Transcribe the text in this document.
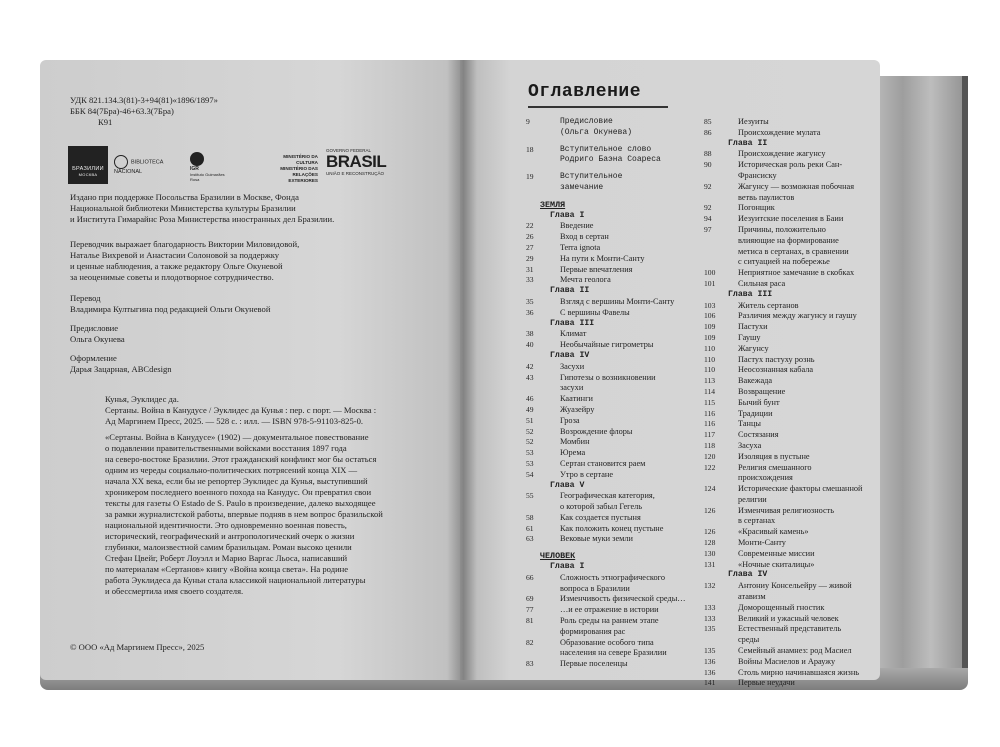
УДК 821.134.3(81)-3+94(81)«1896/1897»
ББК 84(7Бра)-46+63.3(7Бра)
К91
БРАЗИЛИИ
МОСКВА
BIBLIOTECA NACIONAL	IGR
Instituto Guimarães Rosa
MINISTÉRIO DA
CULTURA
MINISTÉRIO DAS
RELAÇÕES
EXTERIORES
GOVERNO FEDERAL
BRASIL
UNIÃO E RECONSTRUÇÃO
Издано при поддержке Посольства Бразилии в Москве, Фонда
Национальной библиотеки Министерства культуры Бразилии
и Института Гимарайнс Роза Министерства иностранных дел Бразилии.
Переводчик выражает благодарность Виктории Миловидовой,
Наталье Вихревой и Анастасии Солоновой за поддержку
и ценные наблюдения, а также редактору Ольге Окуневой
за неоценимые советы и плодотворное сотрудничество.
Перевод
Владимира Култыгина под редакцией Ольги Окуневой
Предисловие
Ольга Окунева
Оформление
Дарья Зацарная, ABCdesign
Кунья, Эуклидес да.
Сертаны. Война в Канудусе / Эуклидес да Кунья : пер. с порт. — Москва :
Ад Маргинем Пресс, 2025. — 528 с. : илл. — ISBN 978-5-91103-825-0.
«Сертаны. Война в Канудусе» (1902) — документальное повествование
о подавлении правительственными войсками восстания 1897 года
на северо-востоке Бразилии. Этот гражданский конфликт мог бы остаться
одним из череды социально-политических потрясений конца XIX —
начала XX века, если бы не репортер Эуклидес да Кунья, выступивший
хроникером последнего военного похода на Канудус. Он превратил свои
тексты для газеты O Estado de S. Paulo в произведение, далеко выходящее
за рамки журналистской работы, впервые подняв в нем вопрос бразильской
национальной идентичности. Это одновременно военная повесть,
исторический, географический и антропологический очерк о жизни
глубинки, малоизвестной самим бразильцам. Роман высоко ценили
Стефан Цвейг, Роберт Лоуэлл и Марио Варгас Льоса, написавший
по материалам «Сертанов» книгу «Война конца света». На родине
работа Эуклидеса да Куньи стала классикой национальной литературы
и обессмертила имя своего создателя.
© ООО «Ад Маргинем Пресс», 2025
Оглавление
9	Предисловие
(Ольга Окунева)
18	Вступительное слово
Родриго Баэна Соареса
19	Вступительное
замечание
ЗЕМЛЯ
Глава I
22	Введение
26	Вход в сертан
27	Terra ignota
29	На пути к Монти-Санту
31	Первые впечатления
33	Мечта геолога
Глава II
35	Взгляд с вершины Монти-Санту
36	С вершины Фавелы
Глава III
38	Климат
40	Необычайные гигрометры
Глава IV
42	Засухи
43	Гипотезы о возникновении
засухи
46	Каатинги
49	Жуазейру
51	Гроза
52	Возрождение флоры
52	Момбин
53	Юрема
53	Сертан становится раем
54	Утро в сертане
Глава V
55	Географическая категория,
о которой забыл Гегель
58	Как создается пустыня
61	Как положить конец пустыне
63	Вековые муки земли
ЧЕЛОВЕК
Глава I
66	Сложность этнографического
вопроса в Бразилии
69	Изменчивость физической среды…
77	…и ее отражение в истории
81	Роль среды на раннем этапе
формирования рас
82	Образование особого типа
населения на севере Бразилии
83	Первые поселенцы
85	Иезуиты
86	Происхождение мулата
Глава II
88	Происхождение жагунсу
90	Историческая роль реки Сан-
Франсиску
92	Жагунсу — возможная побочная
ветвь паулистов
92	Погонщик
94	Иезуитские поселения в Баии
97	Причины, положительно
влияющие на формирование
метиса в сертанах, в сравнении
с ситуацией на побережье
100	Неприятное замечание в скобках
101	Сильная раса
Глава III
103	Житель сертанов
106	Различия между жагунсу и гаушу
109	Пастухи
109	Гаушу
110	Жагунсу
110	Пастух пастуху рознь
110	Неосознанная кабала
113	Вакежада
114	Возвращение
115	Бычий бунт
116	Традиции
116	Танцы
117	Состязания
118	Засуха
120	Изоляция в пустыне
122	Религия смешанного
происхождения
124	Исторические факторы смешанной
религии
126	Изменчивая религиозность
в сертанах
126	«Красивый камень»
128	Монти-Санту
130	Современные миссии
131	«Ночные скиталицы»
Глава IV
132	Антониу Консельейру — живой
атавизм
133	Доморощенный гностик
133	Великий и ужасный человек
135	Естественный представитель
среды
135	Семейный анамнез: род Масиел
136	Войны Масиелов и Араужу
136	Столь мирно начинавшаяся жизнь
141	Первые неудачи
